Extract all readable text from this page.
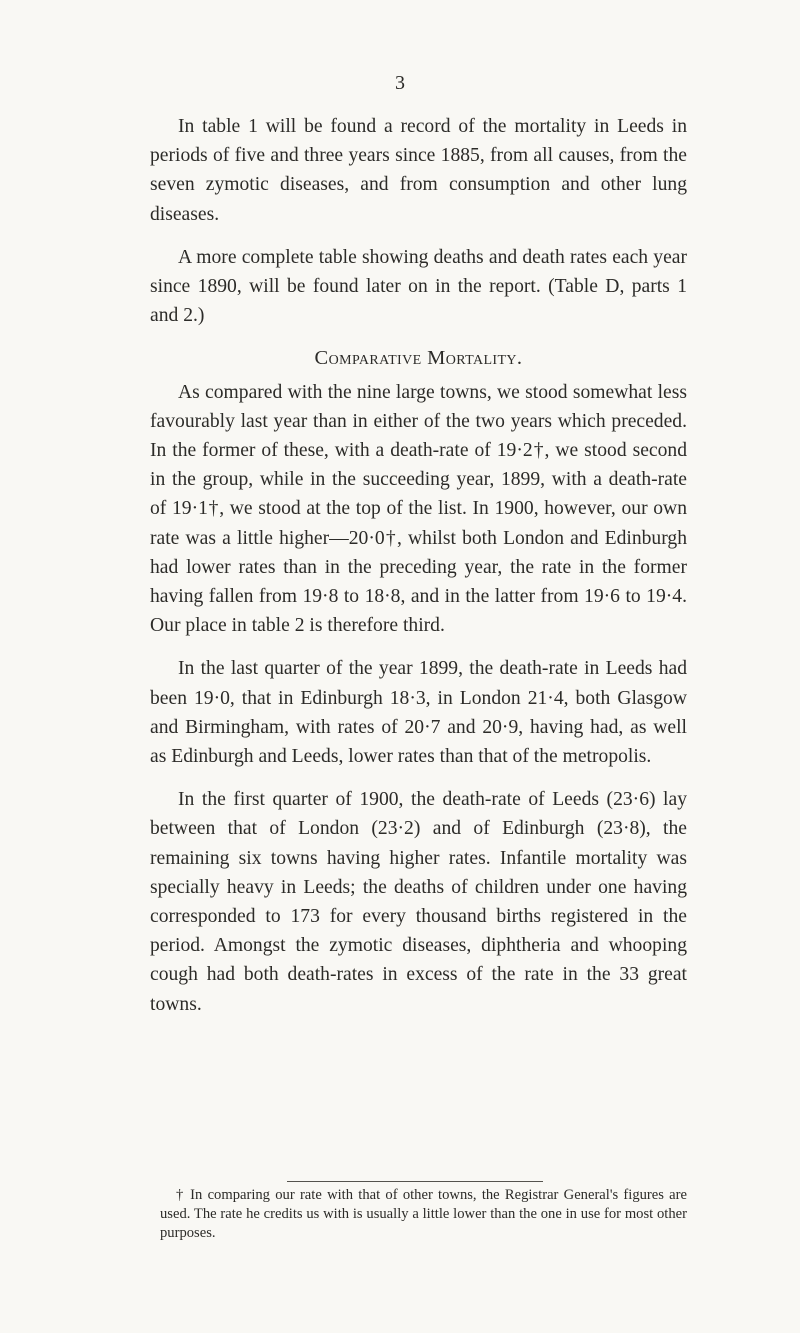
3

In table 1 will be found a record of the mortality in Leeds in periods of five and three years since 1885, from all causes, from the seven zymotic diseases, and from consumption and other lung diseases.

A more complete table showing deaths and death rates each year since 1890, will be found later on in the report. (Table D, parts 1 and 2.)

Comparative Mortality.

As compared with the nine large towns, we stood somewhat less favourably last year than in either of the two years which preceded. In the former of these, with a death-rate of 19·2†, we stood second in the group, while in the succeeding year, 1899, with a death-rate of 19·1†, we stood at the top of the list. In 1900, however, our own rate was a little higher—20·0†, whilst both London and Edinburgh had lower rates than in the preceding year, the rate in the former having fallen from 19·8 to 18·8, and in the latter from 19·6 to 19·4. Our place in table 2 is therefore third.

In the last quarter of the year 1899, the death-rate in Leeds had been 19·0, that in Edinburgh 18·3, in London 21·4, both Glasgow and Birmingham, with rates of 20·7 and 20·9, having had, as well as Edinburgh and Leeds, lower rates than that of the metropolis.

In the first quarter of 1900, the death-rate of Leeds (23·6) lay between that of London (23·2) and of Edinburgh (23·8), the remaining six towns having higher rates. Infantile mortality was specially heavy in Leeds; the deaths of children under one having corresponded to 173 for every thousand births registered in the period. Amongst the zymotic diseases, diphtheria and whooping cough had both death-rates in excess of the rate in the 33 great towns.

† In comparing our rate with that of other towns, the Registrar General's figures are used. The rate he credits us with is usually a little lower than the one in use for most other purposes.
